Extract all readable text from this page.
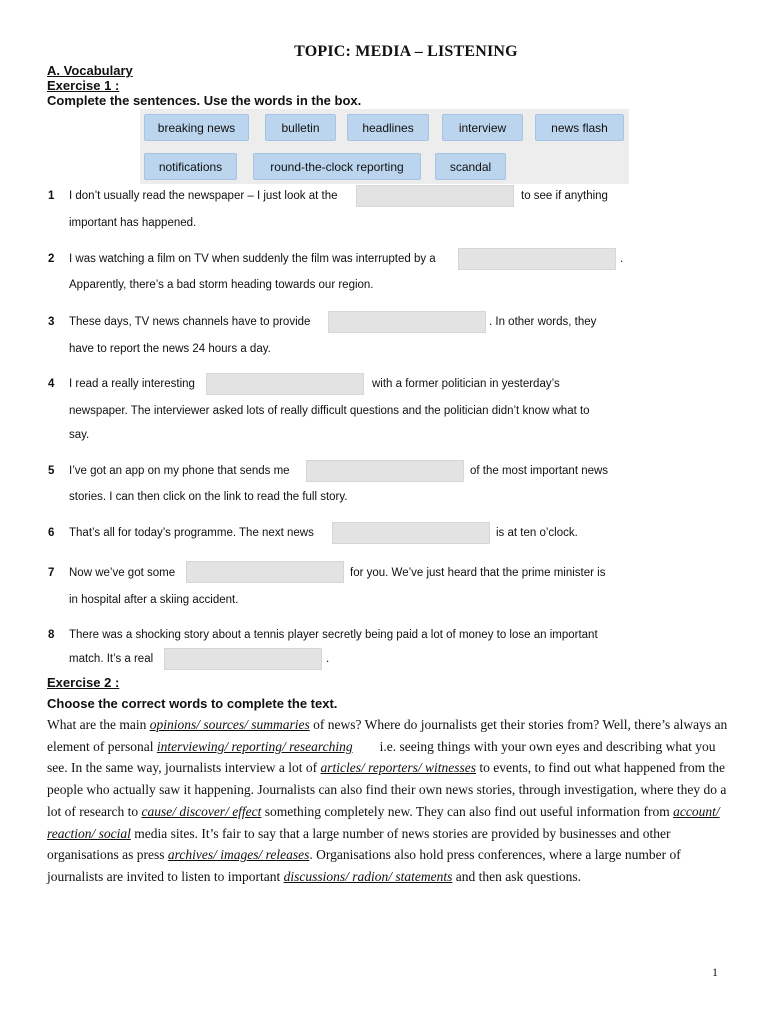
TOPIC: MEDIA – LISTENING
A. Vocabulary
Exercise 1 :
Complete the sentences. Use the words in the box.
breaking news	bulletin	headlines	interview	news flash
notifications	round-the-clock reporting	scandal
1 I don’t usually read the newspaper – I just look at the	to see if anything
important has happened.
2 I was watching a film on TV when suddenly the film was interrupted by a	.
Apparently, there’s a bad storm heading towards our region.
3 These days, TV news channels have to provide	. In other words, they
have to report the news 24 hours a day.
4 I read a really interesting	with a former politician in yesterday’s
newspaper. The interviewer asked lots of really difficult questions and the politician didn’t know what to
say.
5 I’ve got an app on my phone that sends me	of the most important news
stories. I can then click on the link to read the full story.
6 That’s all for today’s programme. The next news	is at ten o’clock.
7 Now we’ve got some	for you. We’ve just heard that the prime minister is
in hospital after a skiing accident.
8 There was a shocking story about a tennis player secretly being paid a lot of money to lose an important
match. It’s a real	.
Exercise 2 :
Choose the correct words to complete the text.
What are the main opinions/ sources/ summaries of news? Where do journalists get their stories from? Well, there’s always an element of personal interviewing/ reporting/ researching        i.e. seeing things with your own eyes and describing what you see. In the same way, journalists interview a lot of articles/ reporters/ witnesses to events, to find out what happened from the people who actually saw it happening. Journalists can also find their own news stories, through investigation, where they do a lot of research to cause/ discover/ effect something completely new. They can also find out useful information from account/ reaction/ social media sites. It’s fair to say that a large number of news stories are provided by businesses and other organisations as press archives/ images/ releases. Organisations also hold press conferences, where a large number of journalists are invited to listen to important discussions/ radion/ statements and then ask questions.
1
